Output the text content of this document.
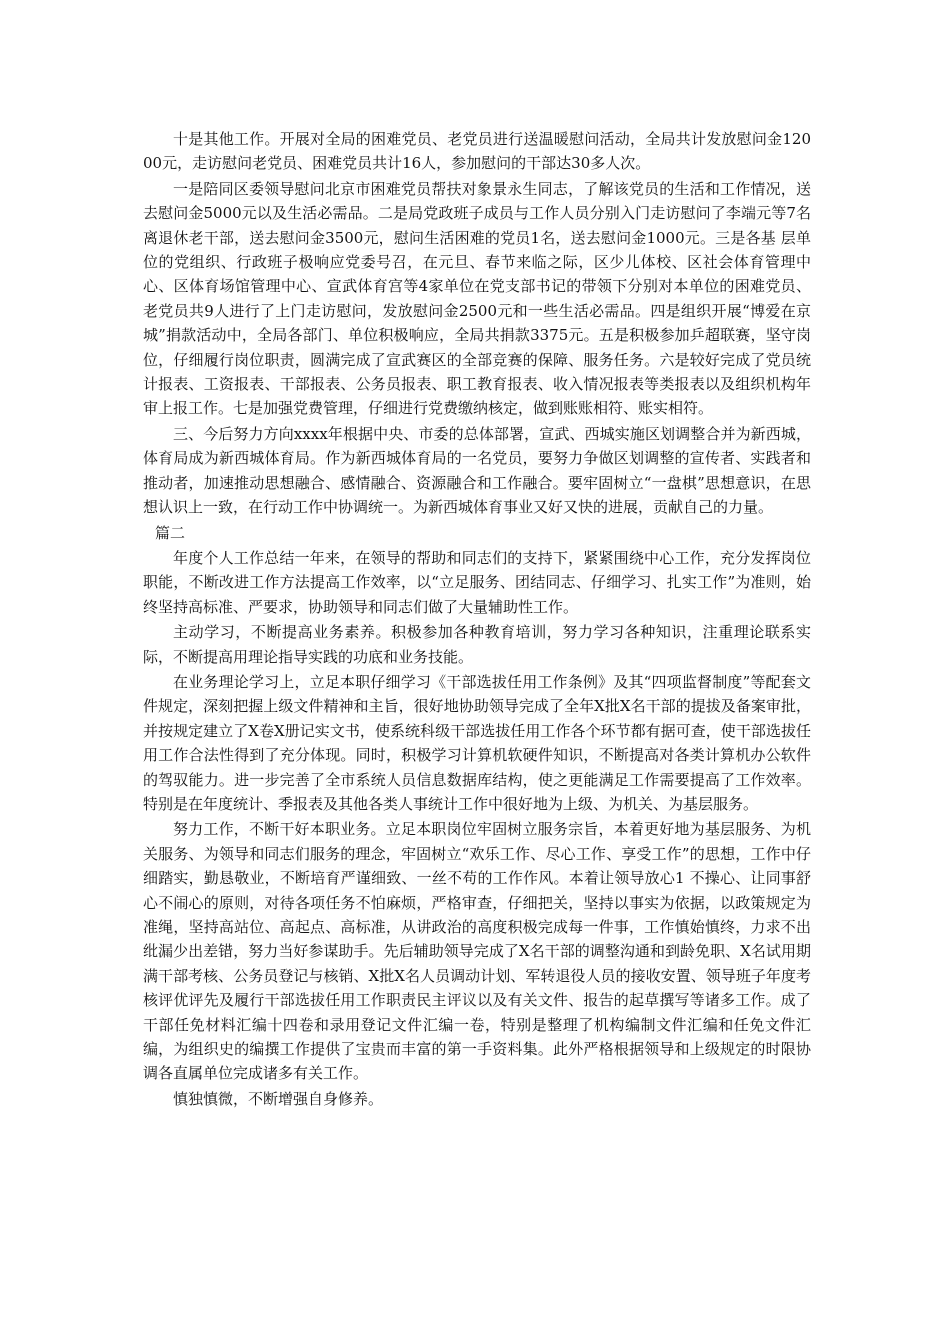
十是其他工作。开展对全局的困难党员、老党员进行送温暖慰问活动，全局共计发放慰问金12000元，走访慰问老党员、困难党员共计16人，参加慰问的干部达30多人次。

一是陪同区委领导慰问北京市困难党员帮扶对象景永生同志，了解该党员的生活和工作情况，送去慰问金5000元以及生活必需品。二是局党政班子成员与工作人员分别入门走访慰问了李端元等7名离退休老干部，送去慰问金3500元，慰问生活困难的党员1名，送去慰问金1000元。三是各基 层单位的党组织、行政班子极响应党委号召，在元旦、春节来临之际，区少儿体校、区社会体育管理中心、区体育场馆管理中心、宣武体育宫等4家单位在党支部书记的带领下分别对本单位的困难党员、老党员共9人进行了上门走访慰问，发放慰问金2500元和一些生活必需品。四是组织开展“博爱在京城”捐款活动中，全局各部门、单位积极响应，全局共捐款3375元。五是积极参加乒超联赛，坚守岗位，仔细履行岗位职责，圆满完成了宣武赛区的全部竞赛的保障、服务任务。六是较好完成了党员统计报表、工资报表、干部报表、公务员报表、职工教育报表、收入情况报表等类报表以及组织机构年审上报工作。七是加强党费管理，仔细进行党费缴纳核定，做到账账相符、账实相符。

三、今后努力方向xxxx年根据中央、市委的总体部署，宣武、西城实施区划调整合并为新西城，体育局成为新西城体育局。作为新西城体育局的一名党员，要努力争做区划调整的宣传者、实践者和推动者，加速推动思想融合、感情融合、资源融合和工作融合。要牢固树立“一盘棋”思想意识，在思想认识上一致，在行动工作中协调统一。为新西城体育事业又好又快的进展，贡献自己的力量。

篇二

年度个人工作总结一年来，在领导的帮助和同志们的支持下，紧紧围绕中心工作，充分发挥岗位职能，不断改进工作方法提高工作效率，以“立足服务、团结同志、仔细学习、扎实工作”为准则，始终坚持高标准、严要求，协助领导和同志们做了大量辅助性工作。

主动学习，不断提高业务素养。积极参加各种教育培训，努力学习各种知识，注重理论联系实际，不断提高用理论指导实践的功底和业务技能。

在业务理论学习上，立足本职仔细学习《干部选拔任用工作条例》及其“四项监督制度”等配套文件规定，深刻把握上级文件精神和主旨，很好地协助领导完成了全年X批X名干部的提拔及备案审批，并按规定建立了X卷X册记实文书，使系统科级干部选拔任用工作各个环节都有据可查，使干部选拔任用工作合法性得到了充分体现。同时，积极学习计算机软硬件知识，不断提高对各类计算机办公软件的驾驭能力。进一步完善了全市系统人员信息数据库结构，使之更能满足工作需要提高了工作效率。特别是在年度统计、季报表及其他各类人事统计工作中很好地为上级、为机关、为基层服务。

努力工作，不断干好本职业务。立足本职岗位牢固树立服务宗旨，本着更好地为基层服务、为机关服务、为领导和同志们服务的理念，牢固树立“欢乐工作、尽心工作、享受工作”的思想，工作中仔细踏实，勤恳敬业，不断培育严谨细致、一丝不苟的工作作风。本着让领导放心1 不操心、让同事舒心不闹心的原则，对待各项任务不怕麻烦，严格审查，仔细把关，坚持以事实为依据，以政策规定为准绳，坚持高站位、高起点、高标准，从讲政治的高度积极完成每一件事，工作慎始慎终，力求不出纰漏少出差错，努力当好参谋助手。先后辅助领导完成了X名干部的调整沟通和到龄免职、X名试用期满干部考核、公务员登记与核销、X批X名人员调动计划、军转退役人员的接收安置、领导班子年度考核评优评先及履行干部选拔任用工作职责民主评议以及有关文件、报告的起草撰写等诸多工作。成了干部任免材料汇编十四卷和录用登记文件汇编一卷，特别是整理了机构编制文件汇编和任免文件汇编，为组织史的编撰工作提供了宝贵而丰富的第一手资料集。此外严格根据领导和上级规定的时限协调各直属单位完成诸多有关工作。

慎独慎微，不断增强自身修养。
